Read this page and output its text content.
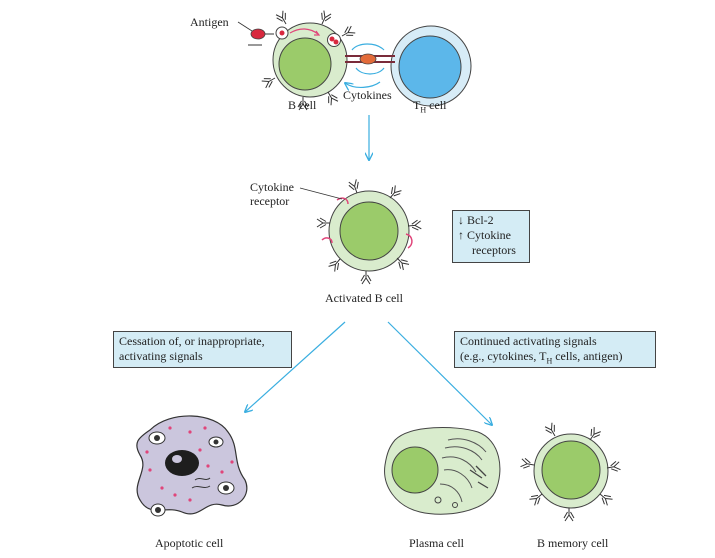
Antigen
B cell
Cytokines
$T_H$ cell
Cytokine
receptor
↓ Bcl-2
↑ Cytokine
receptors
Activated B cell
Cessation of, or inappropriate,
activating signals
Continued activating signals
(e.g., cytokines, $T_H$ cells, antigen)
Apoptotic cell	Plasma cell	B memory cell
